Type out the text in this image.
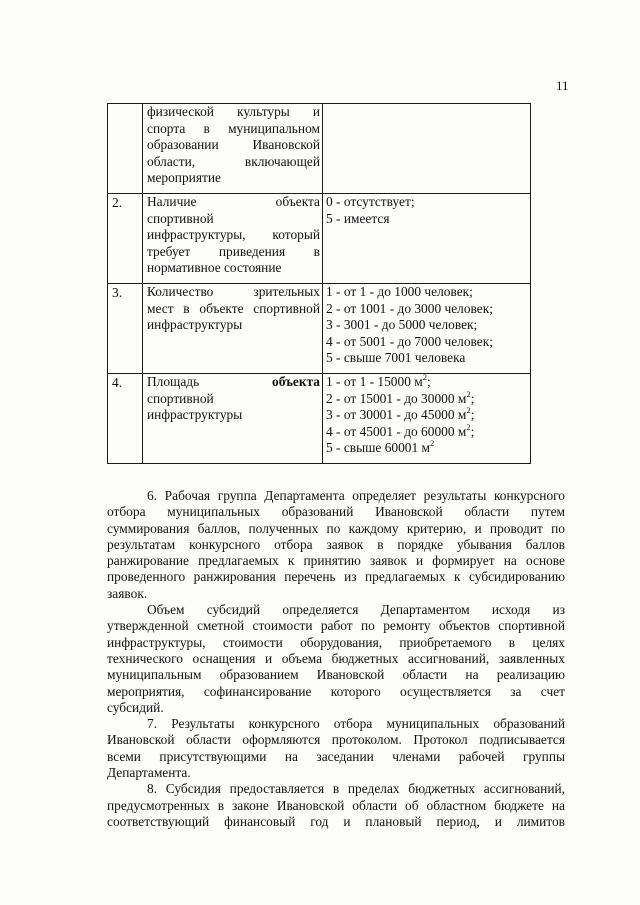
11

	физической культуры и
спорта в муниципальном
образовании Ивановской
области, включающей
мероприятие	

2.	Наличие объекта
спортивной
инфраструктуры, который
требует приведения в
нормативное состояние	0 - отсутствует;
5 - имеется

3.	Количество зрительных
мест в объекте спортивной
инфраструктуры	1 - от 1 - до 1000 человек;
2 - от 1001 - до 3000 человек;
3 - 3001 - до 5000 человек;
4 - от 5001 - до 7000 человек;
5 - свыше 7001 человека

4.	Площадь объекта
спортивной
инфраструктуры	1 - от 1 - 15000 $м^2$;
2 - от 15001 - до 30000 $м^2$;
3 - от 30001 - до 45000 $м^2$;
4 - от 45001 - до 60000 $м^2$;
5 - свыше 60001 $м^2$

6. Рабочая группа Департамента определяет результаты конкурсного
отбора муниципальных образований Ивановской области путем
суммирования баллов, полученных по каждому критерию, и проводит по
результатам конкурсного отбора заявок в порядке убывания баллов
ранжирование предлагаемых к принятию заявок и формирует на основе
проведенного ранжирования перечень из предлагаемых к субсидированию
заявок.

Объем субсидий определяется Департаментом исходя из
утвержденной сметной стоимости работ по ремонту объектов спортивной
инфраструктуры, стоимости оборудования, приобретаемого в целях
технического оснащения и объема бюджетных ассигнований, заявленных
муниципальным образованием Ивановской области на реализацию
мероприятия, софинансирование которого осуществляется за счет
субсидий.

7. Результаты конкурсного отбора муниципальных образований
Ивановской области оформляются протоколом. Протокол подписывается
всеми присутствующими на заседании членами рабочей группы
Департамента.

8. Субсидия предоставляется в пределах бюджетных ассигнований,
предусмотренных в законе Ивановской области об областном бюджете на
соответствующий финансовый год и плановый период, и лимитов
